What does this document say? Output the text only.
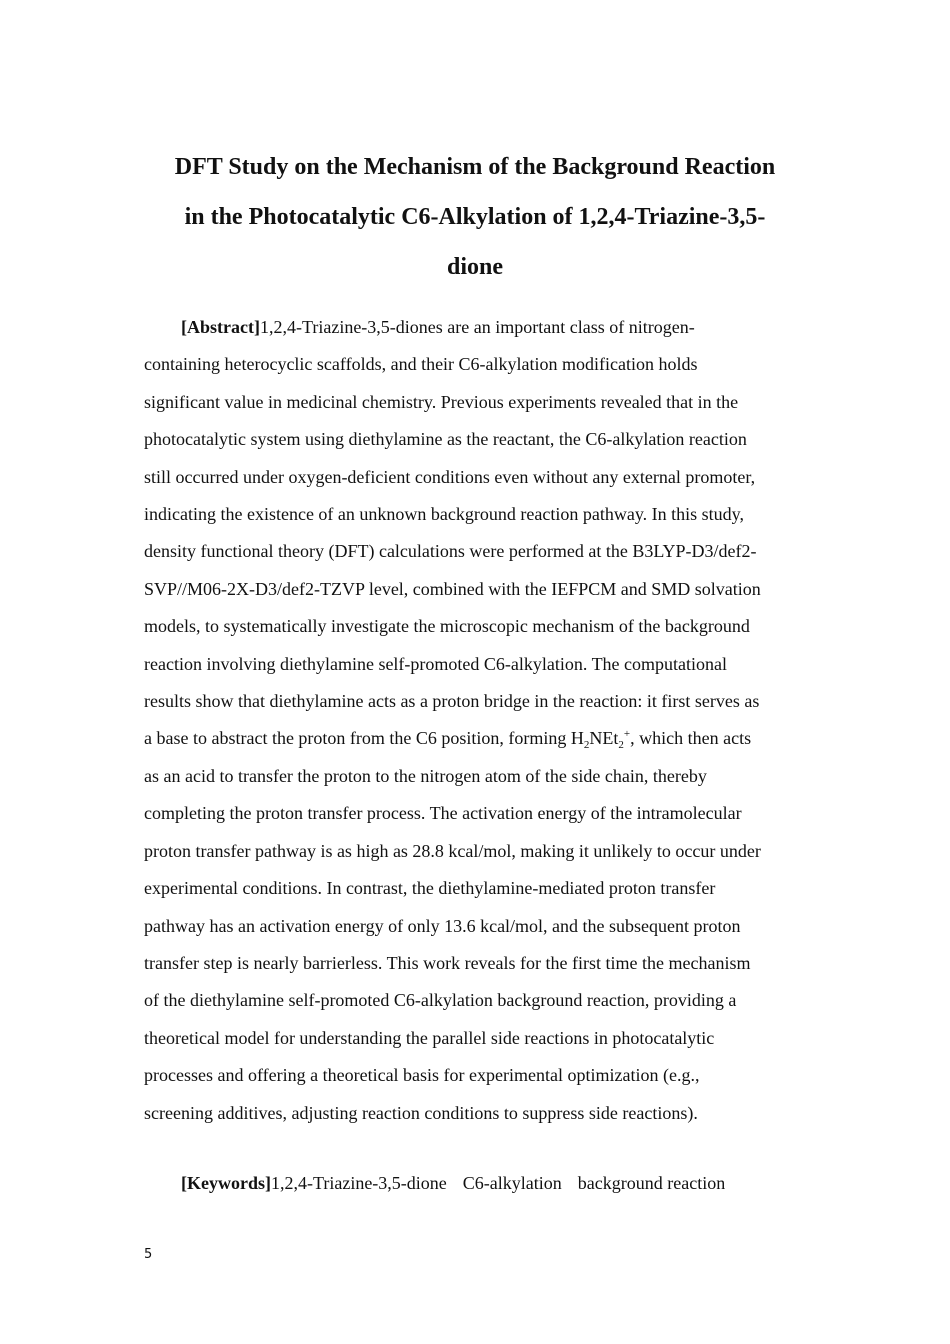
DFT Study on the Mechanism of the Background Reaction
in the Photocatalytic C6-Alkylation of 1,2,4-Triazine-3,5-
dione
[Abstract]1,2,4-Triazine-3,5-diones are an important class of nitrogen-
containing heterocyclic scaffolds, and their C6-alkylation modification holds
significant value in medicinal chemistry. Previous experiments revealed that in the
photocatalytic system using diethylamine as the reactant, the C6-alkylation reaction
still occurred under oxygen-deficient conditions even without any external promoter,
indicating the existence of an unknown background reaction pathway. In this study,
density functional theory (DFT) calculations were performed at the B3LYP-D3/def2-
SVP//M06-2X-D3/def2-TZVP level, combined with the IEFPCM and SMD solvation
models, to systematically investigate the microscopic mechanism of the background
reaction involving diethylamine self-promoted C6-alkylation. The computational
results show that diethylamine acts as a proton bridge in the reaction: it first serves as
a base to abstract the proton from the C6 position, forming $H_2NEt_2^+$, which then acts
as an acid to transfer the proton to the nitrogen atom of the side chain, thereby
completing the proton transfer process. The activation energy of the intramolecular
proton transfer pathway is as high as 28.8 kcal/mol, making it unlikely to occur under
experimental conditions. In contrast, the diethylamine-mediated proton transfer
pathway has an activation energy of only 13.6 kcal/mol, and the subsequent proton
transfer step is nearly barrierless. This work reveals for the first time the mechanism
of the diethylamine self-promoted C6-alkylation background reaction, providing a
theoretical model for understanding the parallel side reactions in photocatalytic
processes and offering a theoretical basis for experimental optimization (e.g.,
screening additives, adjusting reaction conditions to suppress side reactions).
[Keywords]1,2,4-Triazine-3,5-dione C6-alkylation background reaction
5
